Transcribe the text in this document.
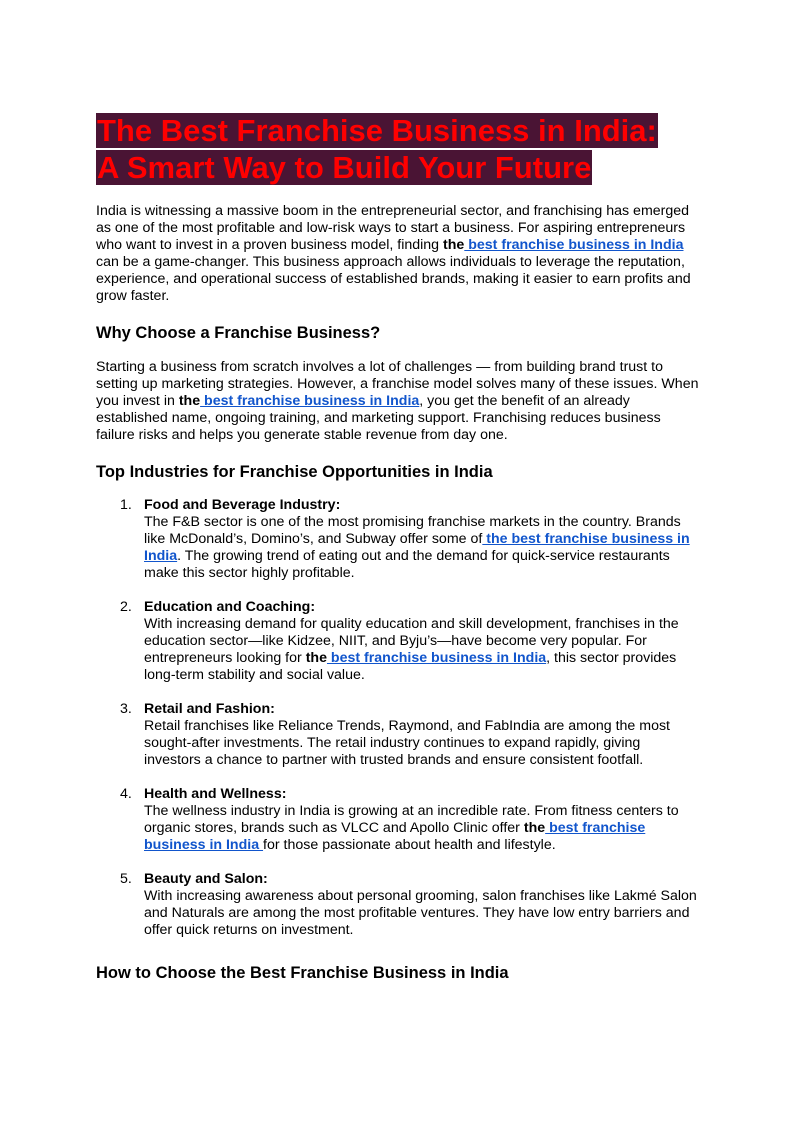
The Best Franchise Business in India:
A Smart Way to Build Your Future

India is witnessing a massive boom in the entrepreneurial sector, and franchising has emerged as one of the most profitable and low-risk ways to start a business. For aspiring entrepreneurs who want to invest in a proven business model, finding the best franchise business in India can be a game-changer. This business approach allows individuals to leverage the reputation, experience, and operational success of established brands, making it easier to earn profits and grow faster.

Why Choose a Franchise Business?

Starting a business from scratch involves a lot of challenges — from building brand trust to setting up marketing strategies. However, a franchise model solves many of these issues. When you invest in the best franchise business in India, you get the benefit of an already established name, ongoing training, and marketing support. Franchising reduces business failure risks and helps you generate stable revenue from day one.

Top Industries for Franchise Opportunities in India
1. Food and Beverage Industry:
The F&B sector is one of the most promising franchise markets in the country. Brands like McDonald’s, Domino’s, and Subway offer some of the best franchise business in India. The growing trend of eating out and the demand for quick-service restaurants make this sector highly profitable.
2. Education and Coaching:
With increasing demand for quality education and skill development, franchises in the education sector—like Kidzee, NIIT, and Byju’s—have become very popular. For entrepreneurs looking for the best franchise business in India, this sector provides long-term stability and social value.
3. Retail and Fashion:
Retail franchises like Reliance Trends, Raymond, and FabIndia are among the most sought-after investments. The retail industry continues to expand rapidly, giving investors a chance to partner with trusted brands and ensure consistent footfall.
4. Health and Wellness:
The wellness industry in India is growing at an incredible rate. From fitness centers to organic stores, brands such as VLCC and Apollo Clinic offer the best franchise business in India for those passionate about health and lifestyle.
5. Beauty and Salon:
With increasing awareness about personal grooming, salon franchises like Lakmé Salon and Naturals are among the most profitable ventures. They have low entry barriers and offer quick returns on investment.
How to Choose the Best Franchise Business in India
